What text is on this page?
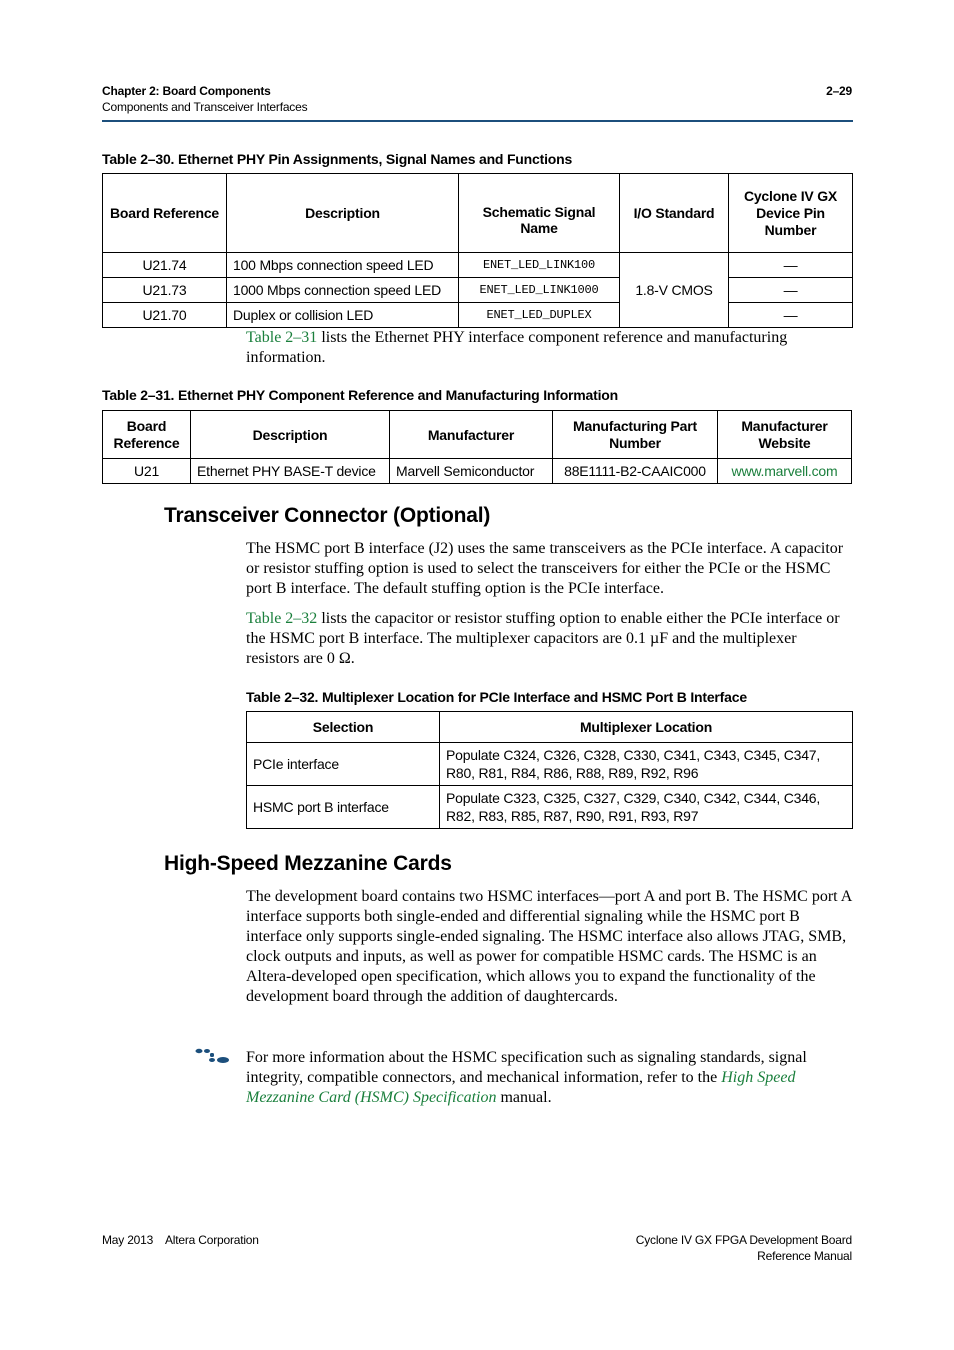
Chapter 2: Board Components
Components and Transceiver Interfaces
2–29
Table 2–30. Ethernet PHY Pin Assignments, Signal Names and Functions
Board Reference	Description	Schematic Signal Name	I/O Standard	Cyclone IV GX Device Pin Number
U21.74	100 Mbps connection speed LED	ENET_LED_LINK100	1.8-V CMOS	—
U21.73	1000 Mbps connection speed LED	ENET_LED_LINK1000		—
U21.70	Duplex or collision LED	ENET_LED_DUPLEX		—
Table 2–31 lists the Ethernet PHY interface component reference and manufacturing information.
Table 2–31. Ethernet PHY Component Reference and Manufacturing Information
Board Reference	Description	Manufacturer	Manufacturing Part Number	Manufacturer Website
U21	Ethernet PHY BASE-T device	Marvell Semiconductor	88E1111-B2-CAAIC000	www.marvell.com
Transceiver Connector (Optional)
The HSMC port B interface (J2) uses the same transceivers as the PCIe interface. A capacitor or resistor stuffing option is used to select the transceivers for either the PCIe or the HSMC port B interface. The default stuffing option is the PCIe interface.
Table 2–32 lists the capacitor or resistor stuffing option to enable either the PCIe interface or the HSMC port B interface. The multiplexer capacitors are 0.1 µF and the multiplexer resistors are 0 Ω.
Table 2–32. Multiplexer Location for PCIe Interface and HSMC Port B Interface
Selection	Multiplexer Location
PCIe interface	Populate C324, C326, C328, C330, C341, C343, C345, C347, R80, R81, R84, R86, R88, R89, R92, R96
HSMC port B interface	Populate C323, C325, C327, C329, C340, C342, C344, C346, R82, R83, R85, R87, R90, R91, R93, R97
High-Speed Mezzanine Cards
The development board contains two HSMC interfaces—port A and port B. The HSMC port A interface supports both single-ended and differential signaling while the HSMC port B interface only supports single-ended signaling. The HSMC interface also allows JTAG, SMB, clock outputs and inputs, as well as power for compatible HSMC cards. The HSMC is an Altera-developed open specification, which allows you to expand the functionality of the development board through the addition of daughtercards.
For more information about the HSMC specification such as signaling standards, signal integrity, compatible connectors, and mechanical information, refer to the High Speed Mezzanine Card (HSMC) Specification manual.
May 2013    Altera Corporation	Cyclone IV GX FPGA Development Board
Reference Manual
